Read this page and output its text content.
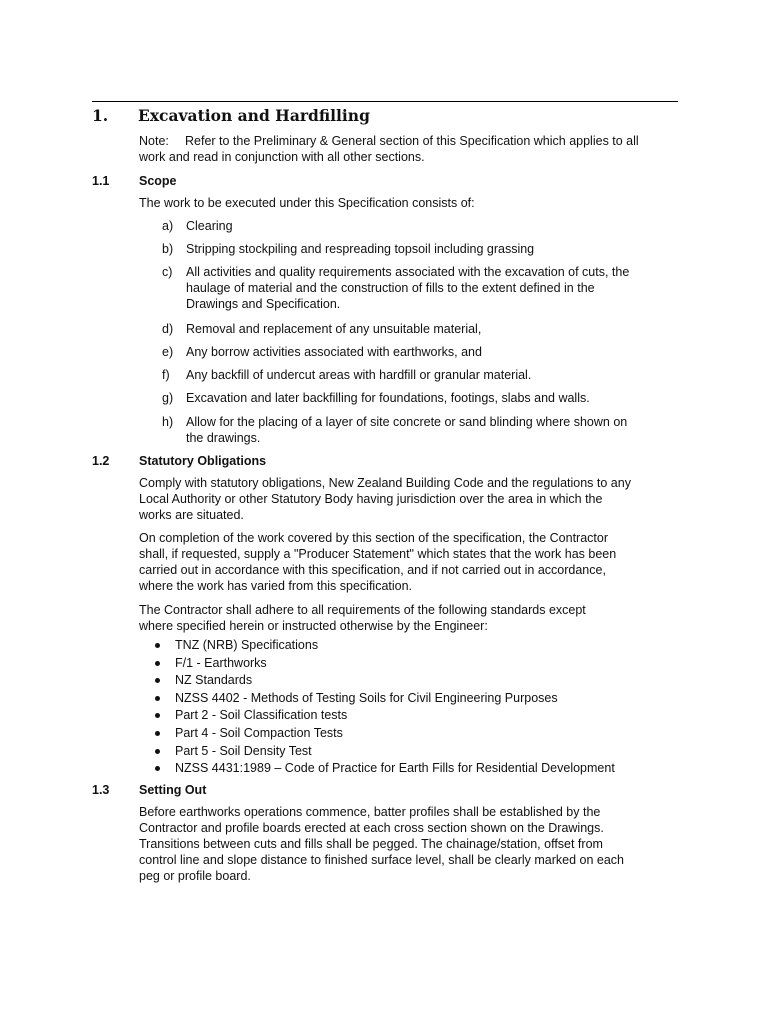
1. Excavation and Hardfilling
Note: Refer to the Preliminary & General section of this Specification which applies to all work and read in conjunction with all other sections.
1.1 Scope
The work to be executed under this Specification consists of:
a) Clearing
b) Stripping stockpiling and respreading topsoil including grassing
c) All activities and quality requirements associated with the excavation of cuts, the haulage of material and the construction of fills to the extent defined in the Drawings and Specification.
d) Removal and replacement of any unsuitable material,
e) Any borrow activities associated with earthworks, and
f) Any backfill of undercut areas with hardfill or granular material.
g) Excavation and later backfilling for foundations, footings, slabs and walls.
h) Allow for the placing of a layer of site concrete or sand blinding where shown on the drawings.
1.2 Statutory Obligations
Comply with statutory obligations, New Zealand Building Code and the regulations to any Local Authority or other Statutory Body having jurisdiction over the area in which the works are situated.
On completion of the work covered by this section of the specification, the Contractor shall, if requested, supply a "Producer Statement" which states that the work has been carried out in accordance with this specification, and if not carried out in accordance, where the work has varied from this specification.
The Contractor shall adhere to all requirements of the following standards except where specified herein or instructed otherwise by the Engineer:
TNZ (NRB) Specifications
F/1 - Earthworks
NZ Standards
NZSS 4402 - Methods of Testing Soils for Civil Engineering Purposes
Part 2 - Soil Classification tests
Part 4 - Soil Compaction Tests
Part 5 - Soil Density Test
NZSS 4431:1989 – Code of Practice for Earth Fills for Residential Development
1.3 Setting Out
Before earthworks operations commence, batter profiles shall be established by the Contractor and profile boards erected at each cross section shown on the Drawings. Transitions between cuts and fills shall be pegged. The chainage/station, offset from control line and slope distance to finished surface level, shall be clearly marked on each peg or profile board.
